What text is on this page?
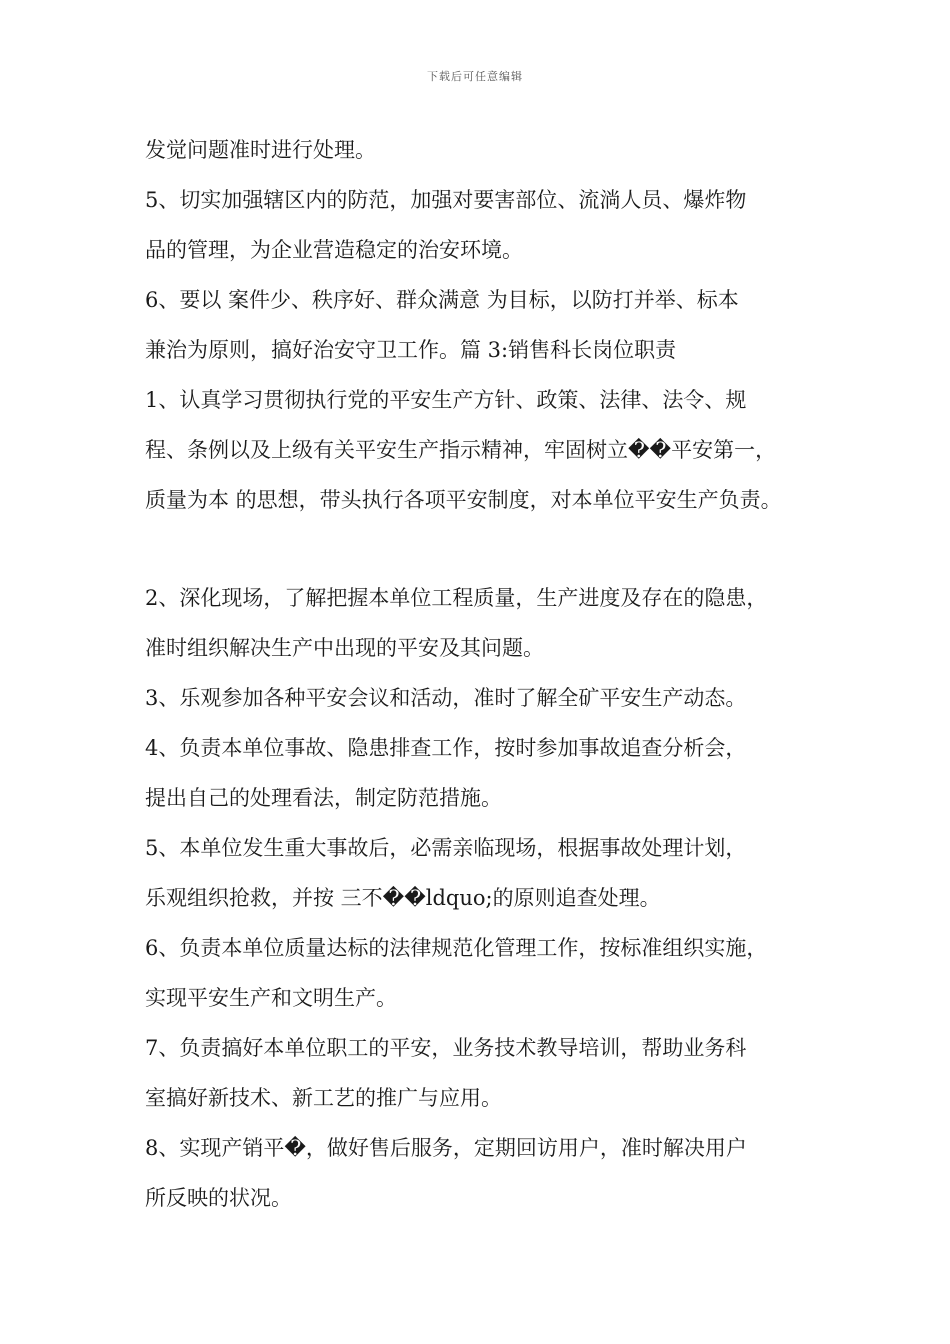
下载后可任意编辑

发觉问题准时进行处理。

5、切实加强辖区内的防范，加强对要害部位、流淌人员、爆炸物

品的管理，为企业营造稳定的治安环境。

6、要以 案件少、秩序好、群众满意 为目标，以防打并举、标本

兼治为原则，搞好治安守卫工作。篇 3:销售科长岗位职责

1、认真学习贯彻执行党的平安生产方针、政策、法律、法令、规

程、条例以及上级有关平安生产指示精神，牢固树立��平安第一，

质量为本 的思想，带头执行各项平安制度，对本单位平安生产负责。

2、深化现场，了解把握本单位工程质量，生产进度及存在的隐患，

准时组织解决生产中出现的平安及其问题。

3、乐观参加各种平安会议和活动，准时了解全矿平安生产动态。

4、负责本单位事故、隐患排查工作，按时参加事故追查分析会，

提出自己的处理看法，制定防范措施。

5、本单位发生重大事故后，必需亲临现场，根据事故处理计划，

乐观组织抢救，并按 三不��ldquo;的原则追查处理。

6、负责本单位质量达标的法律规范化管理工作，按标准组织实施，

实现平安生产和文明生产。

7、负责搞好本单位职工的平安，业务技术教导培训，帮助业务科

室搞好新技术、新工艺的推广与应用。

8、实现产销平�，做好售后服务，定期回访用户，准时解决用户

所反映的状况。
